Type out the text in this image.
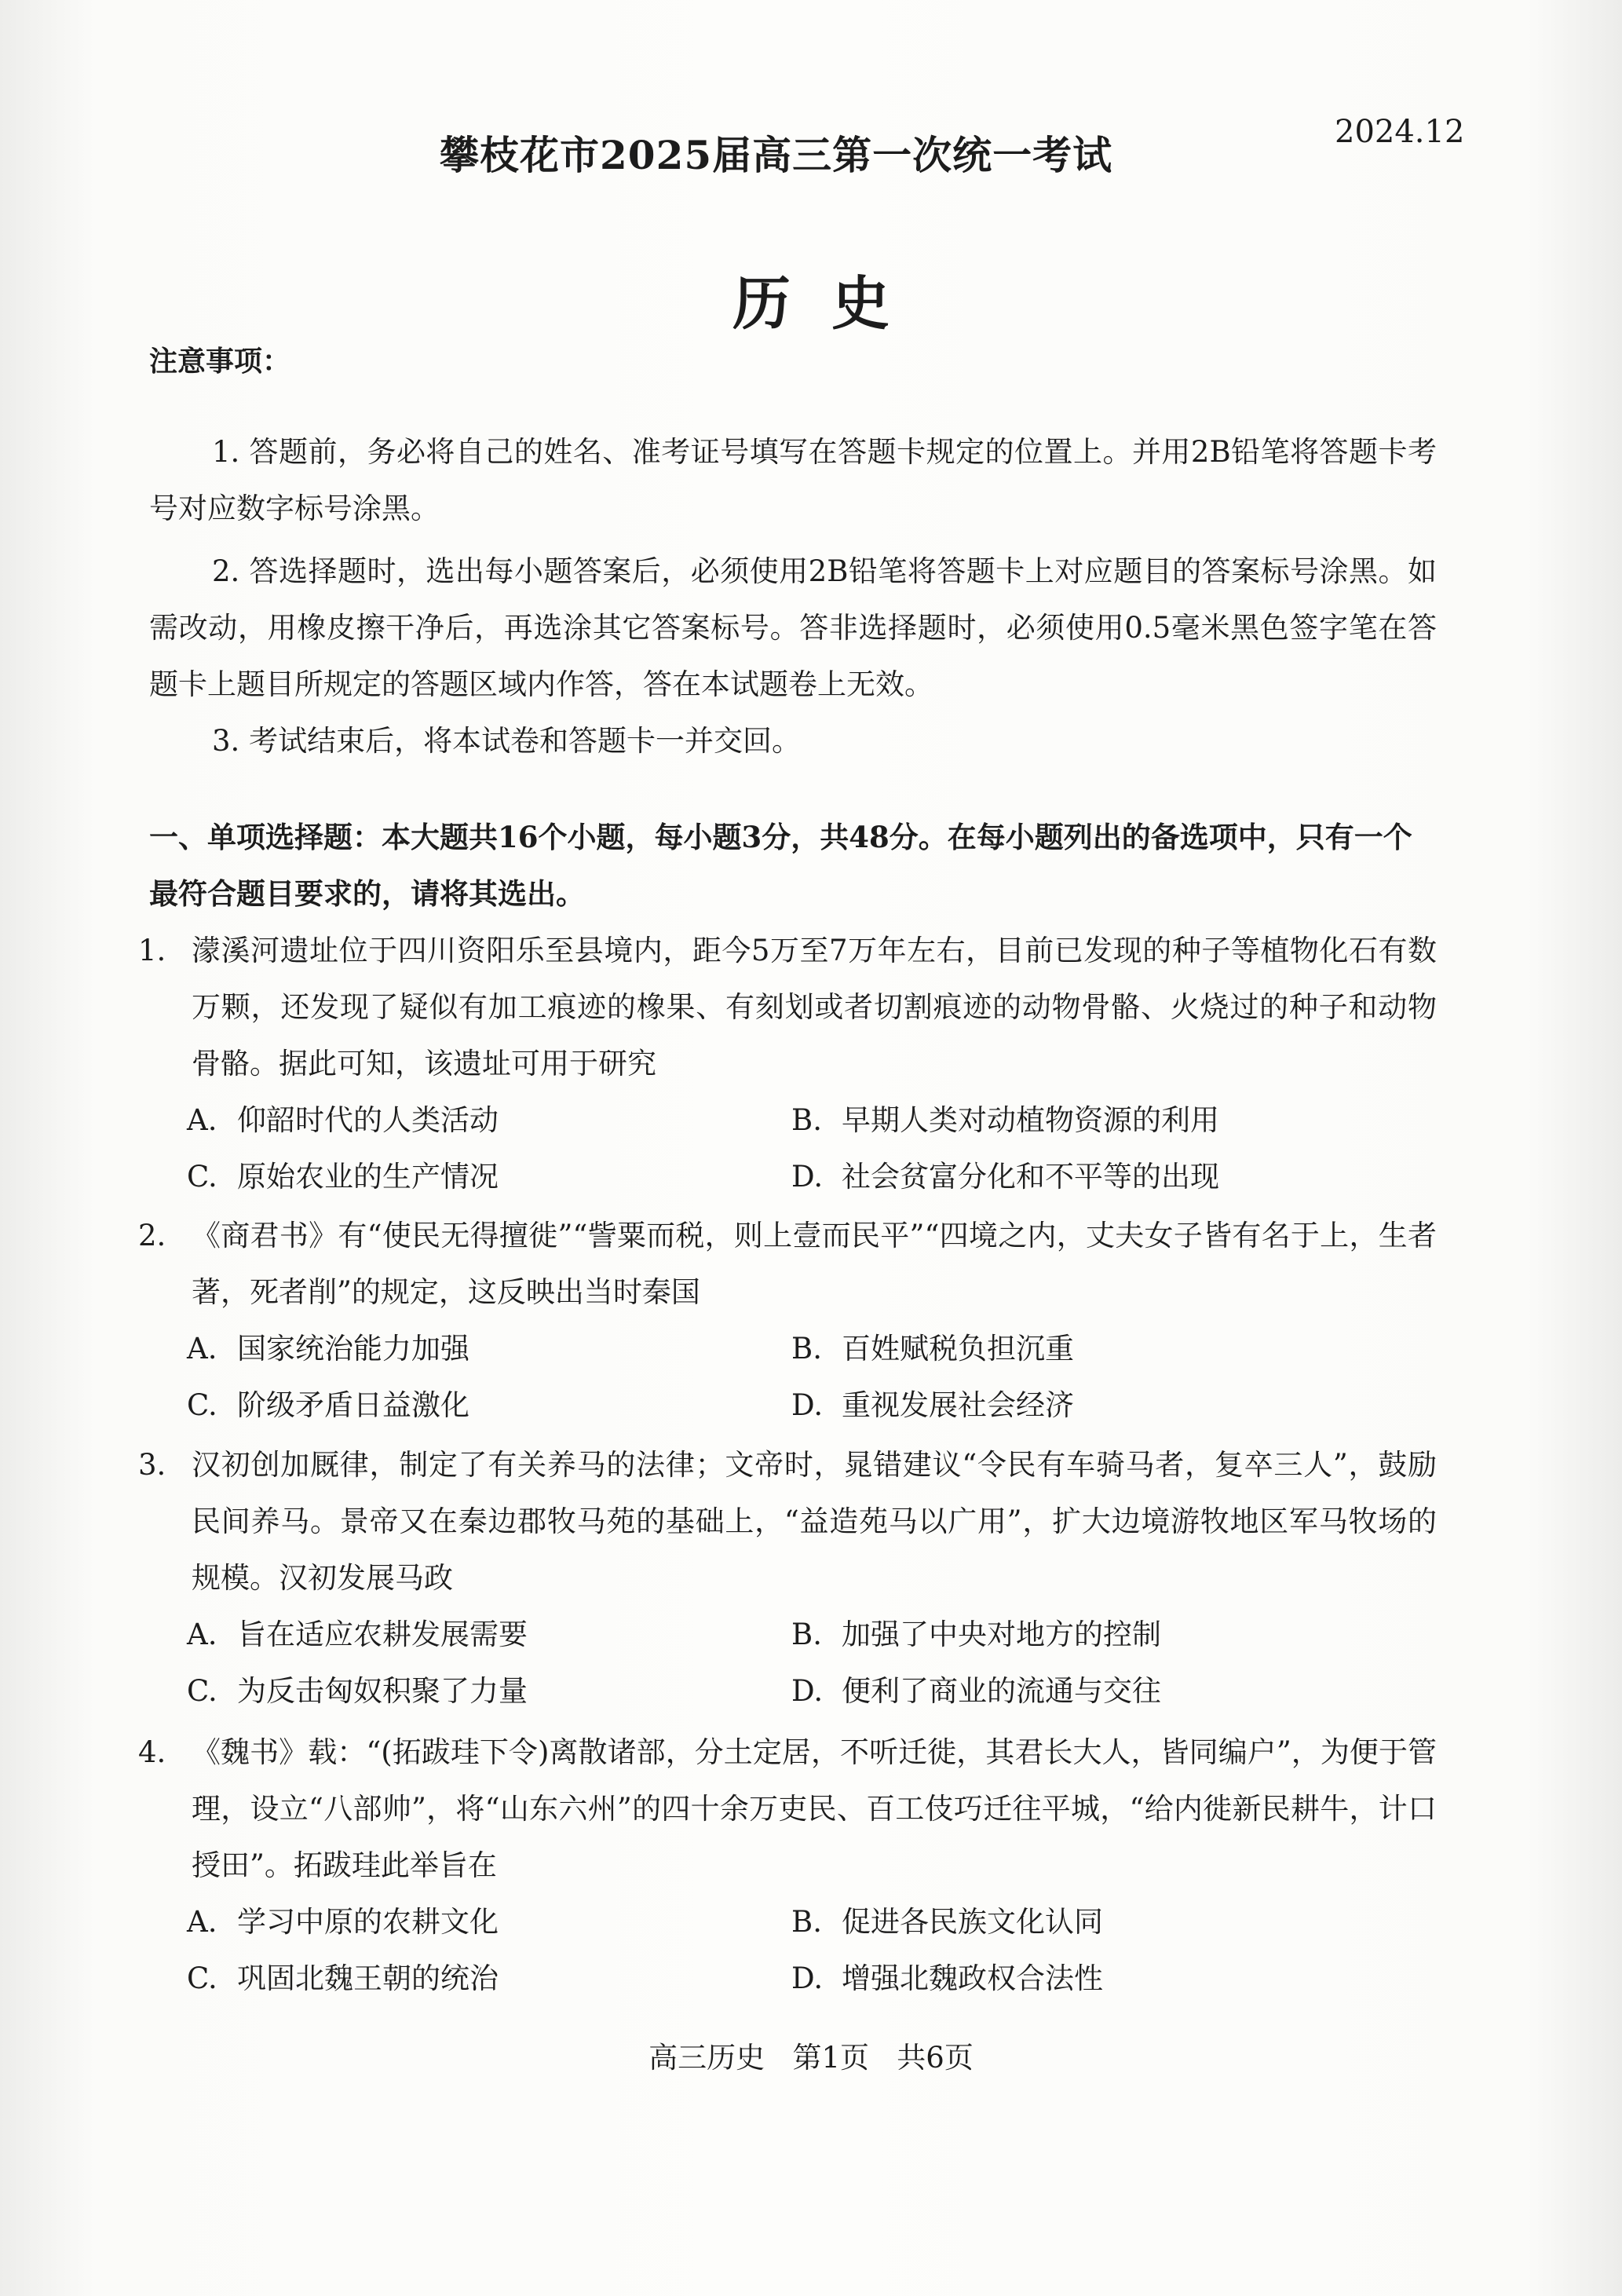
攀枝花市2025届高三第一次统一考试	2024.12
历史
注意事项：

1. 答题前，务必将自己的姓名、准考证号填写在答题卡规定的位置上。并用2B铅笔将答题卡考号对应数字标号涂黑。

2. 答选择题时，选出每小题答案后，必须使用2B铅笔将答题卡上对应题目的答案标号涂黑。如需改动，用橡皮擦干净后，再选涂其它答案标号。答非选择题时，必须使用0.5毫米黑色签字笔在答题卡上题目所规定的答题区域内作答，答在本试题卷上无效。

3. 考试结束后，将本试卷和答题卡一并交回。

一、单项选择题：本大题共16个小题，每小题3分，共48分。在每小题列出的备选项中，只有一个最符合题目要求的，请将其选出。

1. 濛溪河遗址位于四川资阳乐至县境内，距今5万至7万年左右，目前已发现的种子等植物化石有数万颗，还发现了疑似有加工痕迹的橡果、有刻划或者切割痕迹的动物骨骼、火烧过的种子和动物骨骼。据此可知，该遗址可用于研究
A. 仰韶时代的人类活动	B. 早期人类对动植物资源的利用
C. 原始农业的生产情况	D. 社会贫富分化和不平等的出现
2. 《商君书》有“使民无得擅徙”“訾粟而税，则上壹而民平”“四境之内，丈夫女子皆有名于上，生者著，死者削”的规定，这反映出当时秦国
A. 国家统治能力加强	B. 百姓赋税负担沉重
C. 阶级矛盾日益激化	D. 重视发展社会经济
3. 汉初创加厩律，制定了有关养马的法律；文帝时，晁错建议“令民有车骑马者，复卒三人”，鼓励民间养马。景帝又在秦边郡牧马苑的基础上，“益造苑马以广用”，扩大边境游牧地区军马牧场的规模。汉初发展马政
A. 旨在适应农耕发展需要	B. 加强了中央对地方的控制
C. 为反击匈奴积聚了力量	D. 便利了商业的流通与交往
4. 《魏书》载：“(拓跋珪下令)离散诸部，分土定居，不听迁徙，其君长大人，皆同编户”，为便于管理，设立“八部帅”，将“山东六州”的四十余万吏民、百工伎巧迁往平城，“给内徙新民耕牛，计口授田”。拓跋珪此举旨在
A. 学习中原的农耕文化	B. 促进各民族文化认同
C. 巩固北魏王朝的统治	D. 增强北魏政权合法性
高三历史   第1页   共6页
